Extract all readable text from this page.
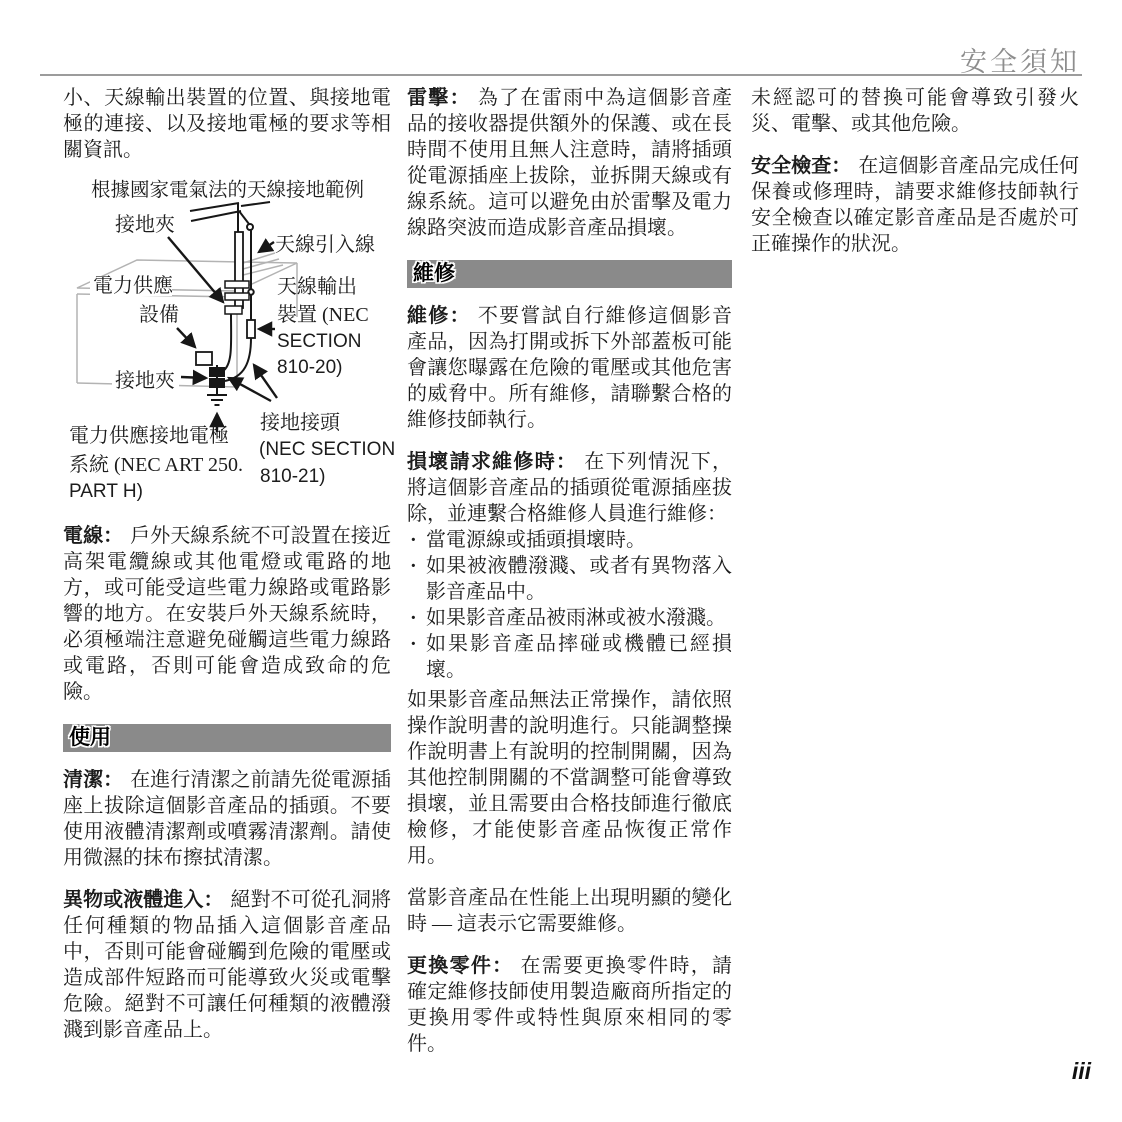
安全須知

小、天線輸出裝置的位置、與接地電極的連接、以及接地電極的要求等相關資訊。

根據國家電氣法的天線接地範例
接地夾
天線引入線
電力供應
設備
天線輸出
裝置 (NEC
SECTION
810-20)
接地夾
電力供應接地電極
系統 (NEC ART 250.
PART H)
接地接頭
(NEC SECTION
810-21)

電線： 戶外天線系統不可設置在接近高架電纜線或其他電燈或電路的地方，或可能受這些電力線路或電路影響的地方。在安裝戶外天線系統時，必須極端注意避免碰觸這些電力線路或電路，否則可能會造成致命的危險。

使用

清潔： 在進行清潔之前請先從電源插座上拔除這個影音產品的插頭。不要使用液體清潔劑或噴霧清潔劑。請使用微濕的抹布擦拭清潔。

異物或液體進入： 絕對不可從孔洞將任何種類的物品插入這個影音產品中，否則可能會碰觸到危險的電壓或造成部件短路而可能導致火災或電擊危險。絕對不可讓任何種類的液體潑濺到影音產品上。

雷擊： 為了在雷雨中為這個影音產品的接收器提供額外的保護、或在長時間不使用且無人注意時，請將插頭從電源插座上拔除，並拆開天線或有線系統。這可以避免由於雷擊及電力線路突波而造成影音產品損壞。

維修

維修： 不要嘗試自行維修這個影音產品，因為打開或拆下外部蓋板可能會讓您曝露在危險的電壓或其他危害的威脅中。所有維修，請聯繫合格的維修技師執行。

損壞請求維修時： 在下列情況下，將這個影音產品的插頭從電源插座拔除，並連繫合格維修人員進行維修：

· 當電源線或插頭損壞時。
· 如果被液體潑濺、或者有異物落入影音產品中。
· 如果影音產品被雨淋或被水潑濺。
· 如果影音產品摔碰或機體已經損壞。

如果影音產品無法正常操作，請依照操作說明書的說明進行。只能調整操作說明書上有說明的控制開關，因為其他控制開關的不當調整可能會導致損壞，並且需要由合格技師進行徹底檢修，才能使影音產品恢復正常作用。

當影音產品在性能上出現明顯的變化時 — 這表示它需要維修。

更換零件： 在需要更換零件時，請確定維修技師使用製造廠商所指定的更換用零件或特性與原來相同的零件。

未經認可的替換可能會導致引發火災、電擊、或其他危險。

安全檢查： 在這個影音產品完成任何保養或修理時，請要求維修技師執行安全檢查以確定影音產品是否處於可正確操作的狀況。

iii
